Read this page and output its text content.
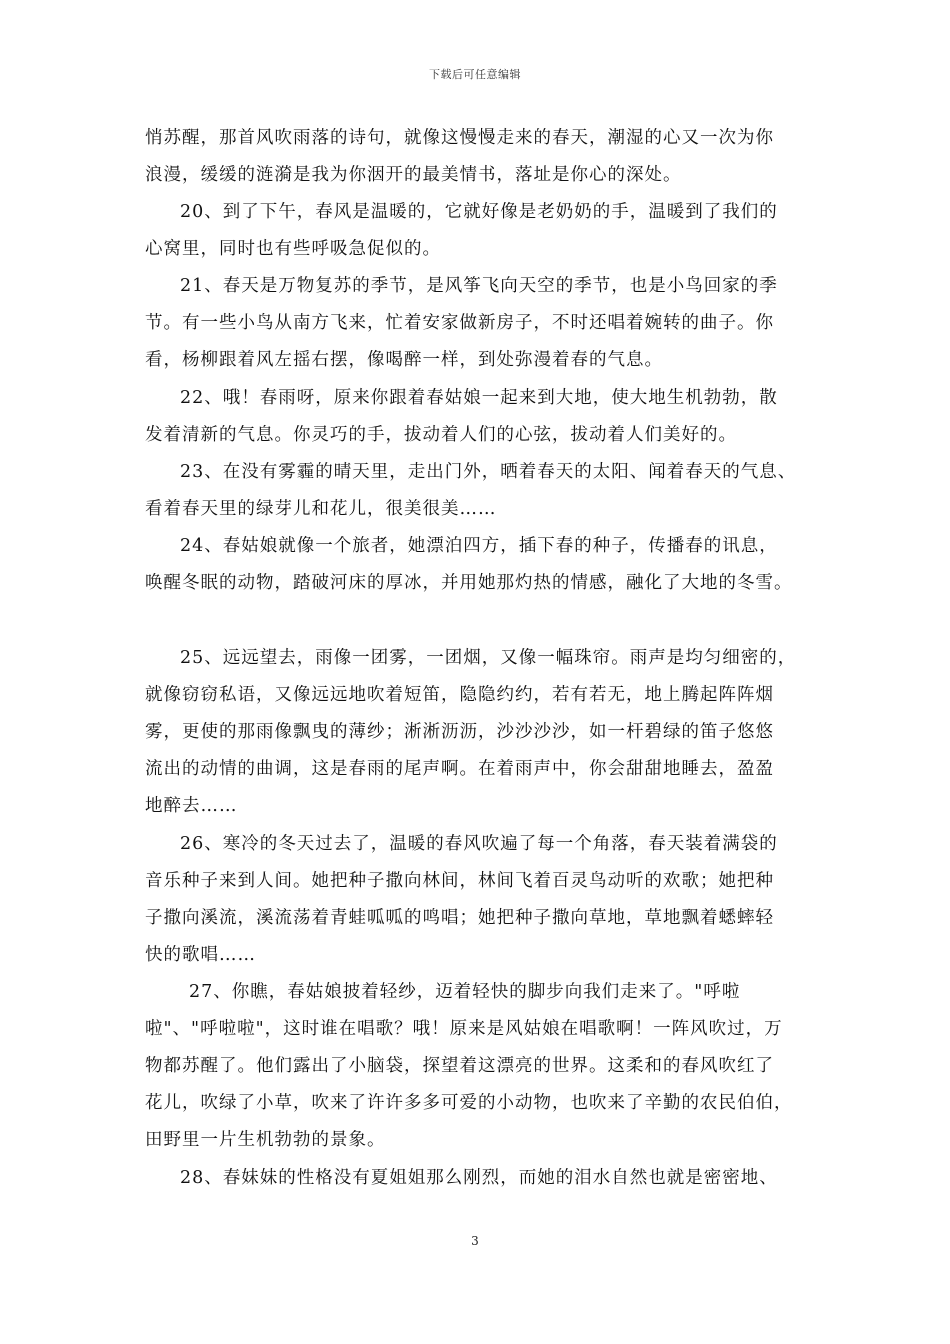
下载后可任意编辑
悄苏醒，那首风吹雨落的诗句，就像这慢慢走来的春天，潮湿的心又一次为你
浪漫，缓缓的涟漪是我为你洇开的最美情书，落址是你心的深处。
20、到了下午，春风是温暖的，它就好像是老奶奶的手，温暖到了我们的
心窝里，同时也有些呼吸急促似的。
21、春天是万物复苏的季节，是风筝飞向天空的季节，也是小鸟回家的季
节。有一些小鸟从南方飞来，忙着安家做新房子，不时还唱着婉转的曲子。你
看，杨柳跟着风左摇右摆，像喝醉一样，到处弥漫着春的气息。
22、哦！春雨呀，原来你跟着春姑娘一起来到大地，使大地生机勃勃，散
发着清新的气息。你灵巧的手，拔动着人们的心弦，拔动着人们美好的。
23、在没有雾霾的晴天里，走出门外，晒着春天的太阳、闻着春天的气息、
看着春天里的绿芽儿和花儿，很美很美……
24、春姑娘就像一个旅者，她漂泊四方，插下春的种子，传播春的讯息，
唤醒冬眠的动物，踏破河床的厚冰，并用她那灼热的情感，融化了大地的冬雪。
25、远远望去，雨像一团雾，一团烟，又像一幅珠帘。雨声是均匀细密的，
就像窃窃私语，又像远远地吹着短笛，隐隐约约，若有若无，地上腾起阵阵烟
雾，更使的那雨像飘曳的薄纱；淅淅沥沥，沙沙沙沙，如一杆碧绿的笛子悠悠
流出的动情的曲调，这是春雨的尾声啊。在着雨声中，你会甜甜地睡去，盈盈
地醉去……
26、寒冷的冬天过去了，温暖的春风吹遍了每一个角落，春天装着满袋的
音乐种子来到人间。她把种子撒向林间，林间飞着百灵鸟动听的欢歌；她把种
子撒向溪流，溪流荡着青蛙呱呱的鸣唱；她把种子撒向草地，草地飘着蟋蟀轻
快的歌唱……
27、你瞧，春姑娘披着轻纱，迈着轻快的脚步向我们走来了。"呼啦
啦"、"呼啦啦"，这时谁在唱歌？哦！原来是风姑娘在唱歌啊！一阵风吹过，万
物都苏醒了。他们露出了小脑袋，探望着这漂亮的世界。这柔和的春风吹红了
花儿，吹绿了小草，吹来了许许多多可爱的小动物，也吹来了辛勤的农民伯伯，
田野里一片生机勃勃的景象。
28、春妹妹的性格没有夏姐姐那么刚烈，而她的泪水自然也就是密密地、
3
